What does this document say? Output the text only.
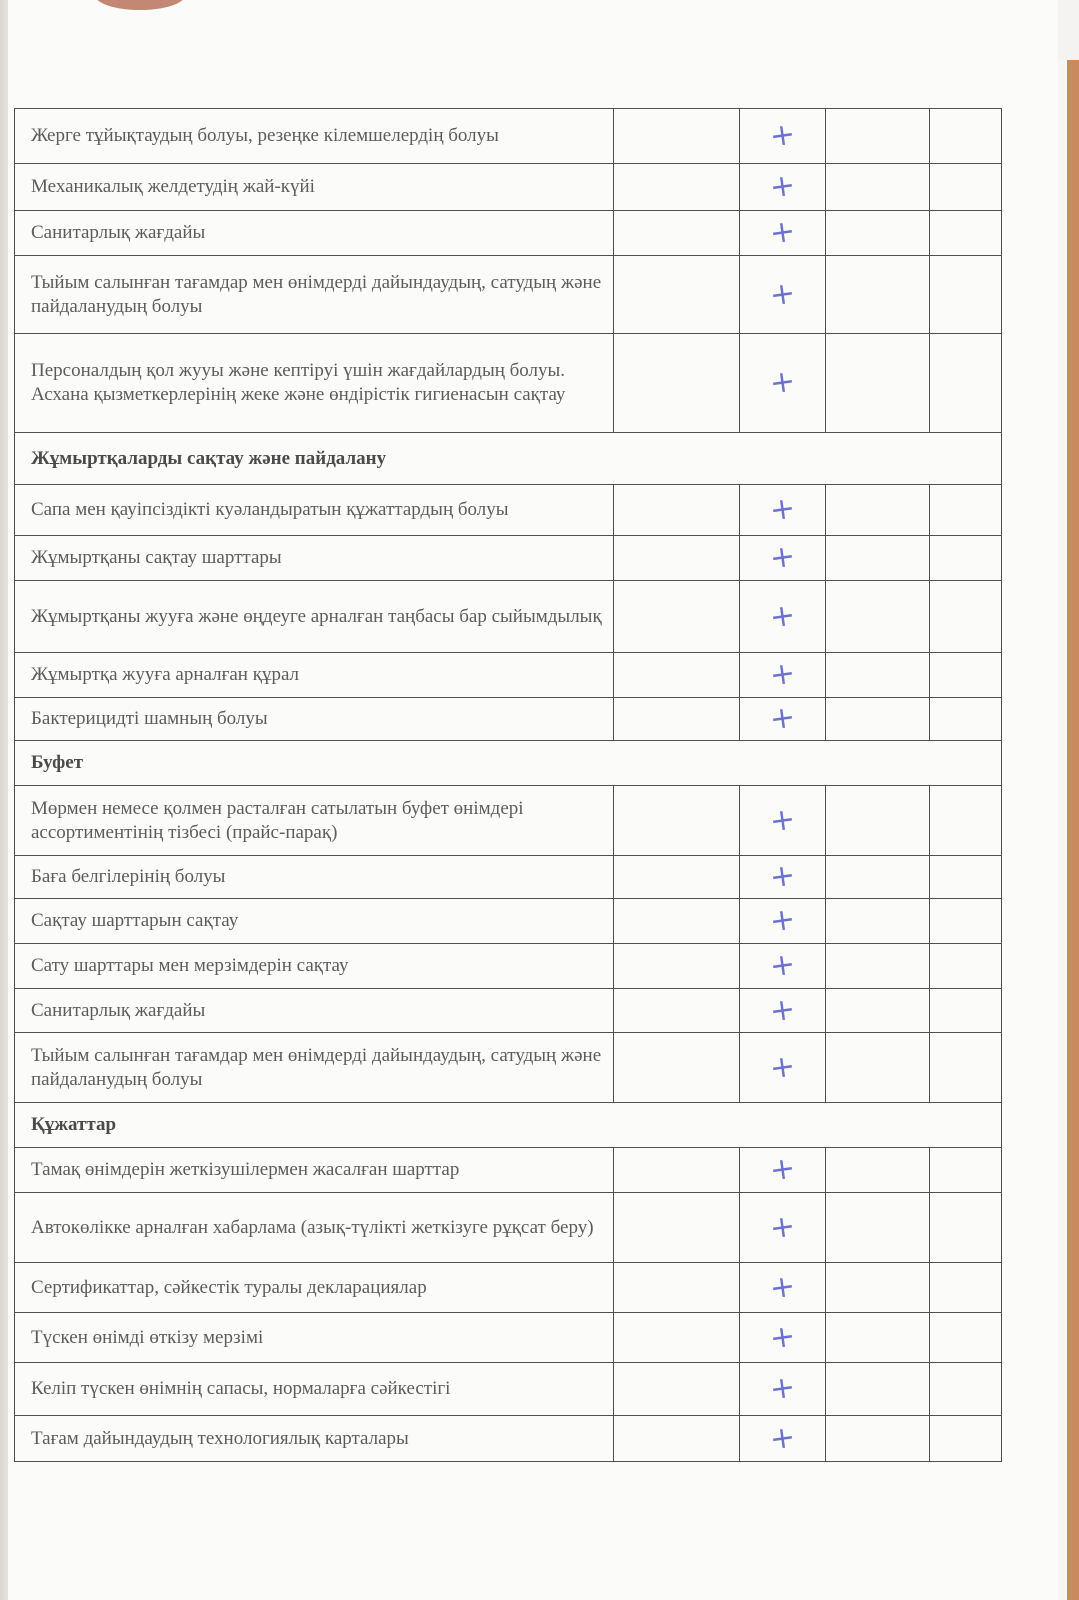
Жерге тұйықтаудың болуы, резеңке кілемшелердің болуы	+
Механикалық желдетудің жай-күйі	+
Санитарлық жағдайы	+
Тыйым салынған тағамдар мен өнімдерді дайындаудың, сатудың және пайдаланудың болуы	+
Персоналдың қол жууы және кептіруі үшін жағдайлардың болуы. Асхана қызметкерлерінің жеке және өндірістік гигиенасын сақтау	+
Жұмыртқаларды сақтау және пайдалану
Сапа мен қауіпсіздікті куәландыратын құжаттардың болуы	+
Жұмыртқаны сақтау шарттары	+
Жұмыртқаны жууға және өңдеуге арналған таңбасы бар сыйымдылық	+
Жұмыртқа жууға арналған құрал	+
Бактерицидті шамның болуы	+
Буфет
Мөрмен немесе қолмен расталған сатылатын буфет өнімдері ассортиментінің тізбесі (прайс-парақ)	+
Баға белгілерінің болуы	+
Сақтау шарттарын сақтау	+
Сату шарттары мен мерзімдерін сақтау	+
Санитарлық жағдайы	+
Тыйым салынған тағамдар мен өнімдерді дайындаудың, сатудың және пайдаланудың болуы	+
Құжаттар
Тамақ өнімдерін жеткізушілермен жасалған шарттар	+
Автокөлікке арналған хабарлама (азық-түлікті жеткізуге рұқсат беру)	+
Сертификаттар, сәйкестік туралы декларациялар	+
Түскен өнімді өткізу мерзімі	+
Келіп түскен өнімнің сапасы, нормаларға сәйкестігі	+
Тағам дайындаудың технологиялық карталары	+
